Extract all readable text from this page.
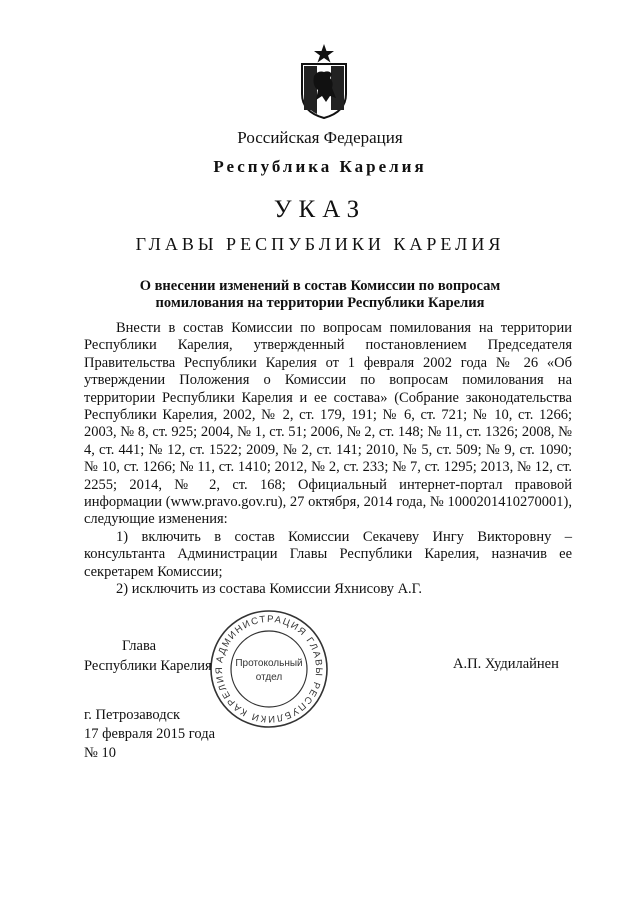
Российская Федерация
Республика Карелия
УКАЗ
ГЛАВЫ РЕСПУБЛИКИ КАРЕЛИЯ
О внесении изменений в состав Комиссии по вопросам
помилования на территории Республики Карелия

Внести в состав Комиссии по вопросам помилования на территории Республики Карелия, утвержденный постановлением Председателя Правительства Республики Карелия от 1 февраля 2002 года № 26 «Об утверждении Положения о Комиссии по вопросам помилования на территории Республики Карелия и ее состава» (Собрание законодательства Республики Карелия, 2002, № 2, ст. 179, 191; № 6, ст. 721; № 10, ст. 1266; 2003, № 8, ст. 925; 2004, № 1, ст. 51; 2006, № 2, ст. 148; № 11, ст. 1326; 2008, № 4, ст. 441; № 12, ст. 1522; 2009, № 2, ст. 141; 2010, № 5, ст. 509; № 9, ст. 1090; № 10, ст. 1266; № 11, ст. 1410; 2012, № 2, ст. 233; № 7, ст. 1295; 2013, № 12, ст. 2255; 2014, № 2, ст. 168; Официальный интернет-портал правовой информации (www.pravo.gov.ru), 27 октября, 2014 года, № 1000201410270001), следующие изменения:

1) включить в состав Комиссии Секачеву Ингу Викторовну – консультанта Администрации Главы Республики Карелия, назначив ее секретарем Комиссии;

2) исключить из состава Комиссии Яхнисову А.Г.

АДМИНИСТРАЦИЯ ГЛАВЫ РЕСПУБЛИКИ КАРЕЛИЯ
Протокольный
отдел
Глава
Республики Карелия	А.П. Худилайнен
г. Петрозаводск
17 февраля 2015 года
№ 10
